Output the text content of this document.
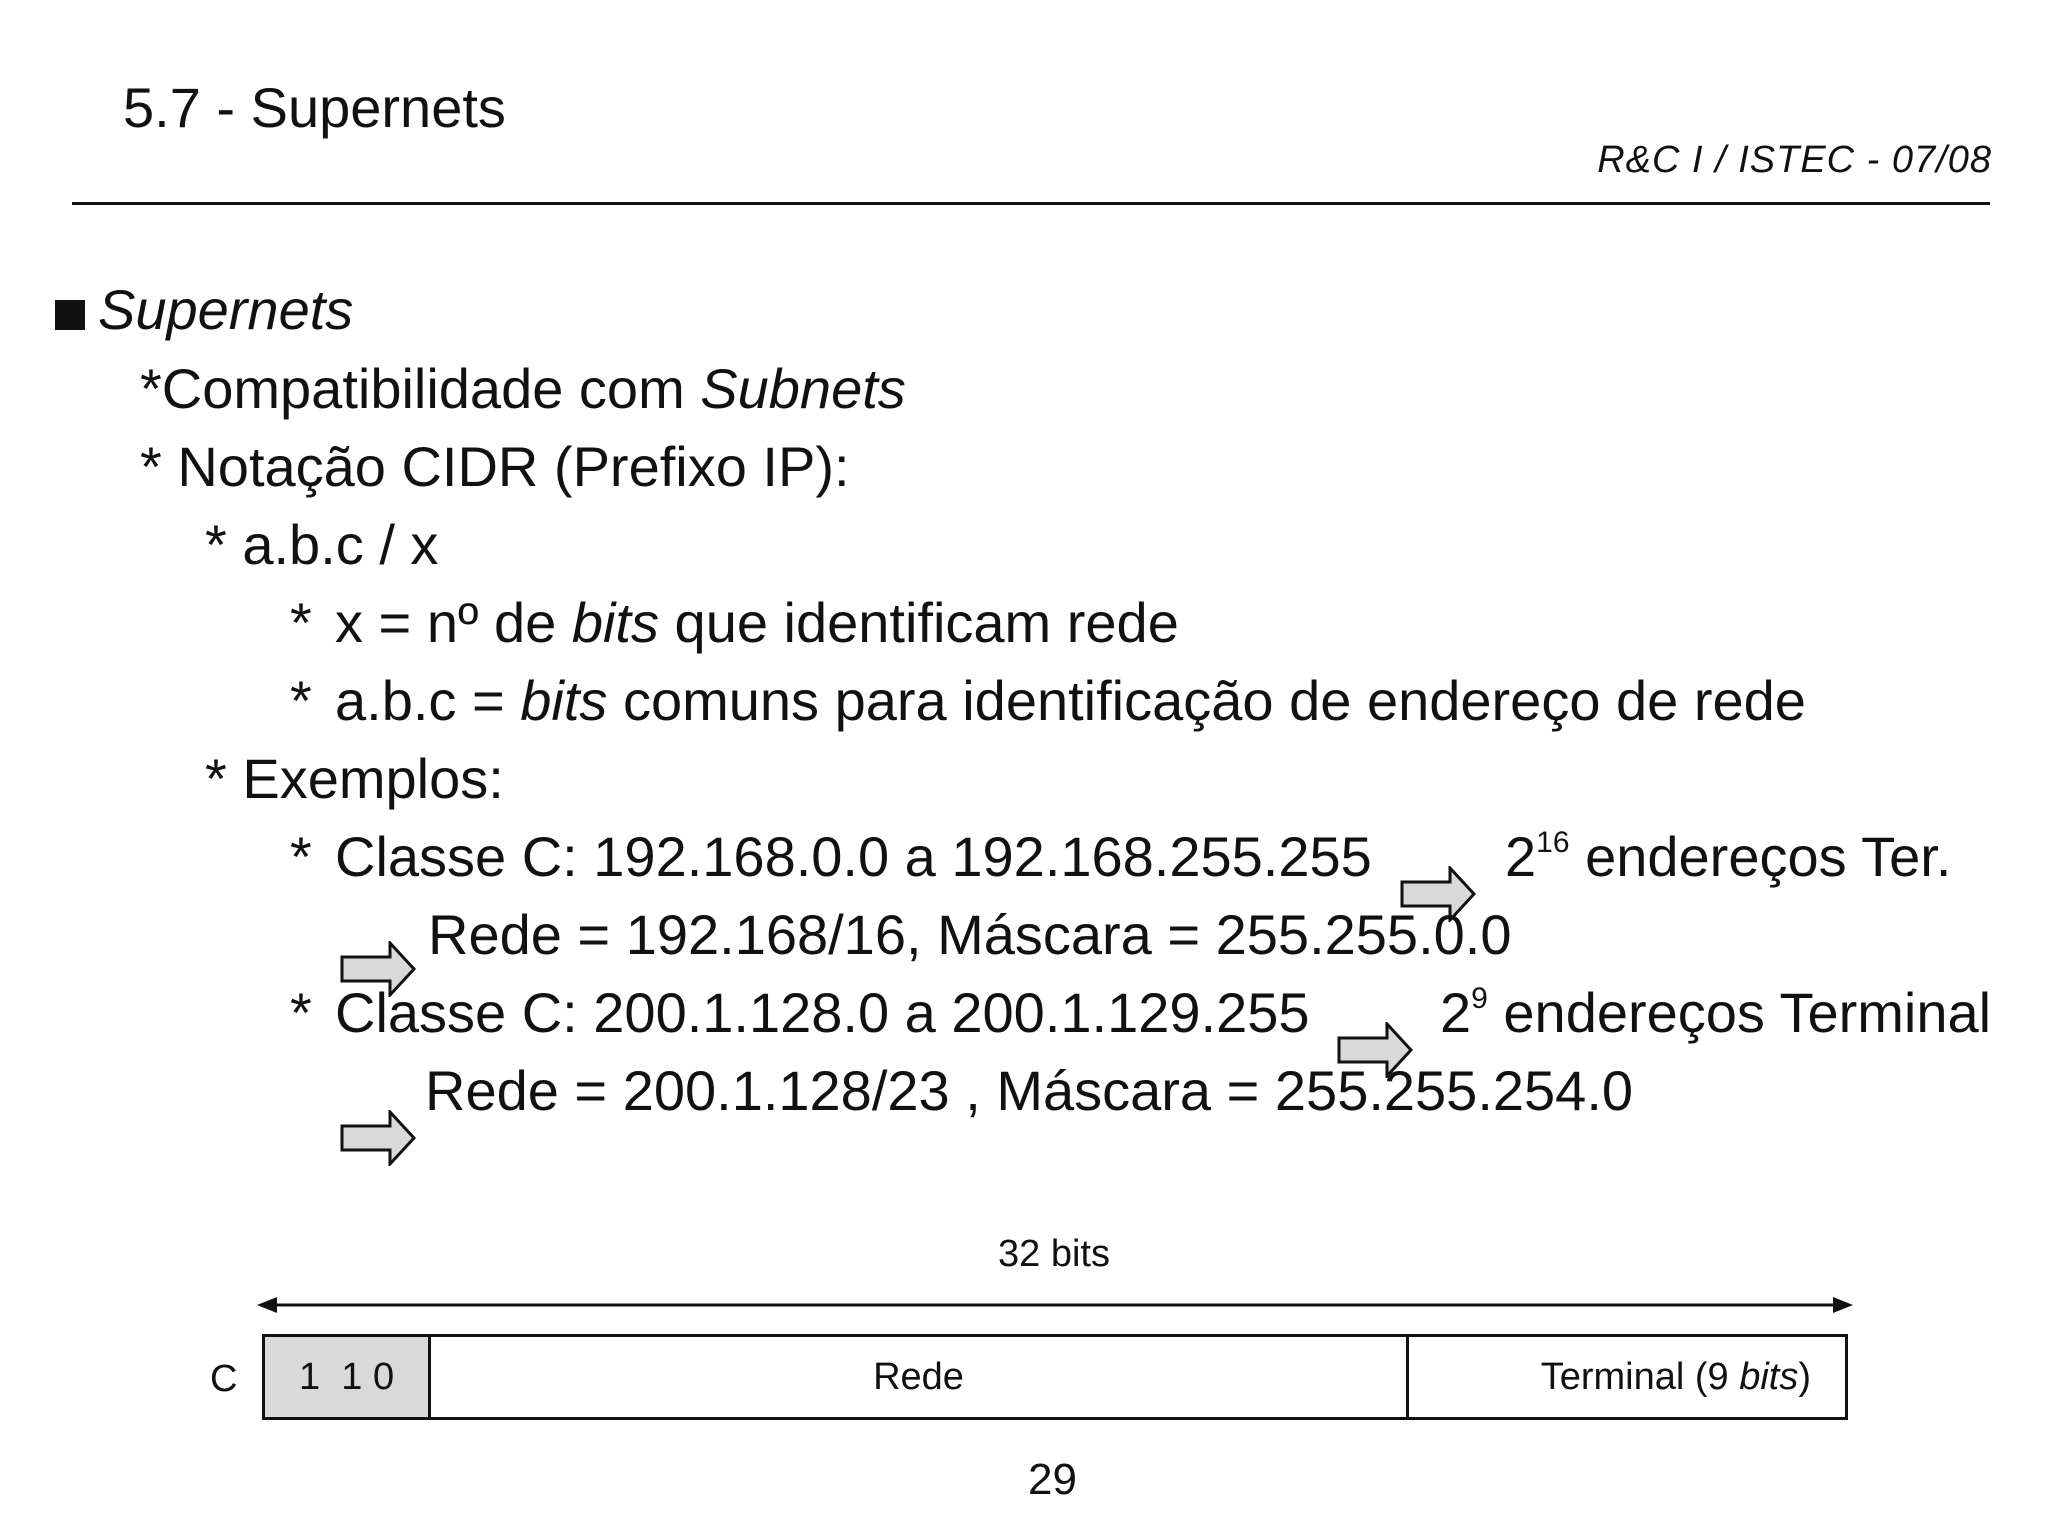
5.7 - Supernets
R&C I / ISTEC - 07/08
Supernets
*Compatibilidade com Subnets
* Notação CIDR (Prefixo IP):
* a.b.c / x
* x = nº de bits que identificam rede
* a.b.c = bits comuns para identificação de endereço de rede
* Exemplos:
* Classe C: 192.168.0.0 a 192.168.255.255 $2^{16}$ endereços Ter.
Rede = 192.168/16, Máscara = 255.255.0.0
* Classe C: 200.1.128.0 a 200.1.129.255 $2^9$ endereços Terminal
Rede = 200.1.128/23 , Máscara = 255.255.254.0
32 bits
C 1  1 0	Rede	Terminal (9 bits)
29
